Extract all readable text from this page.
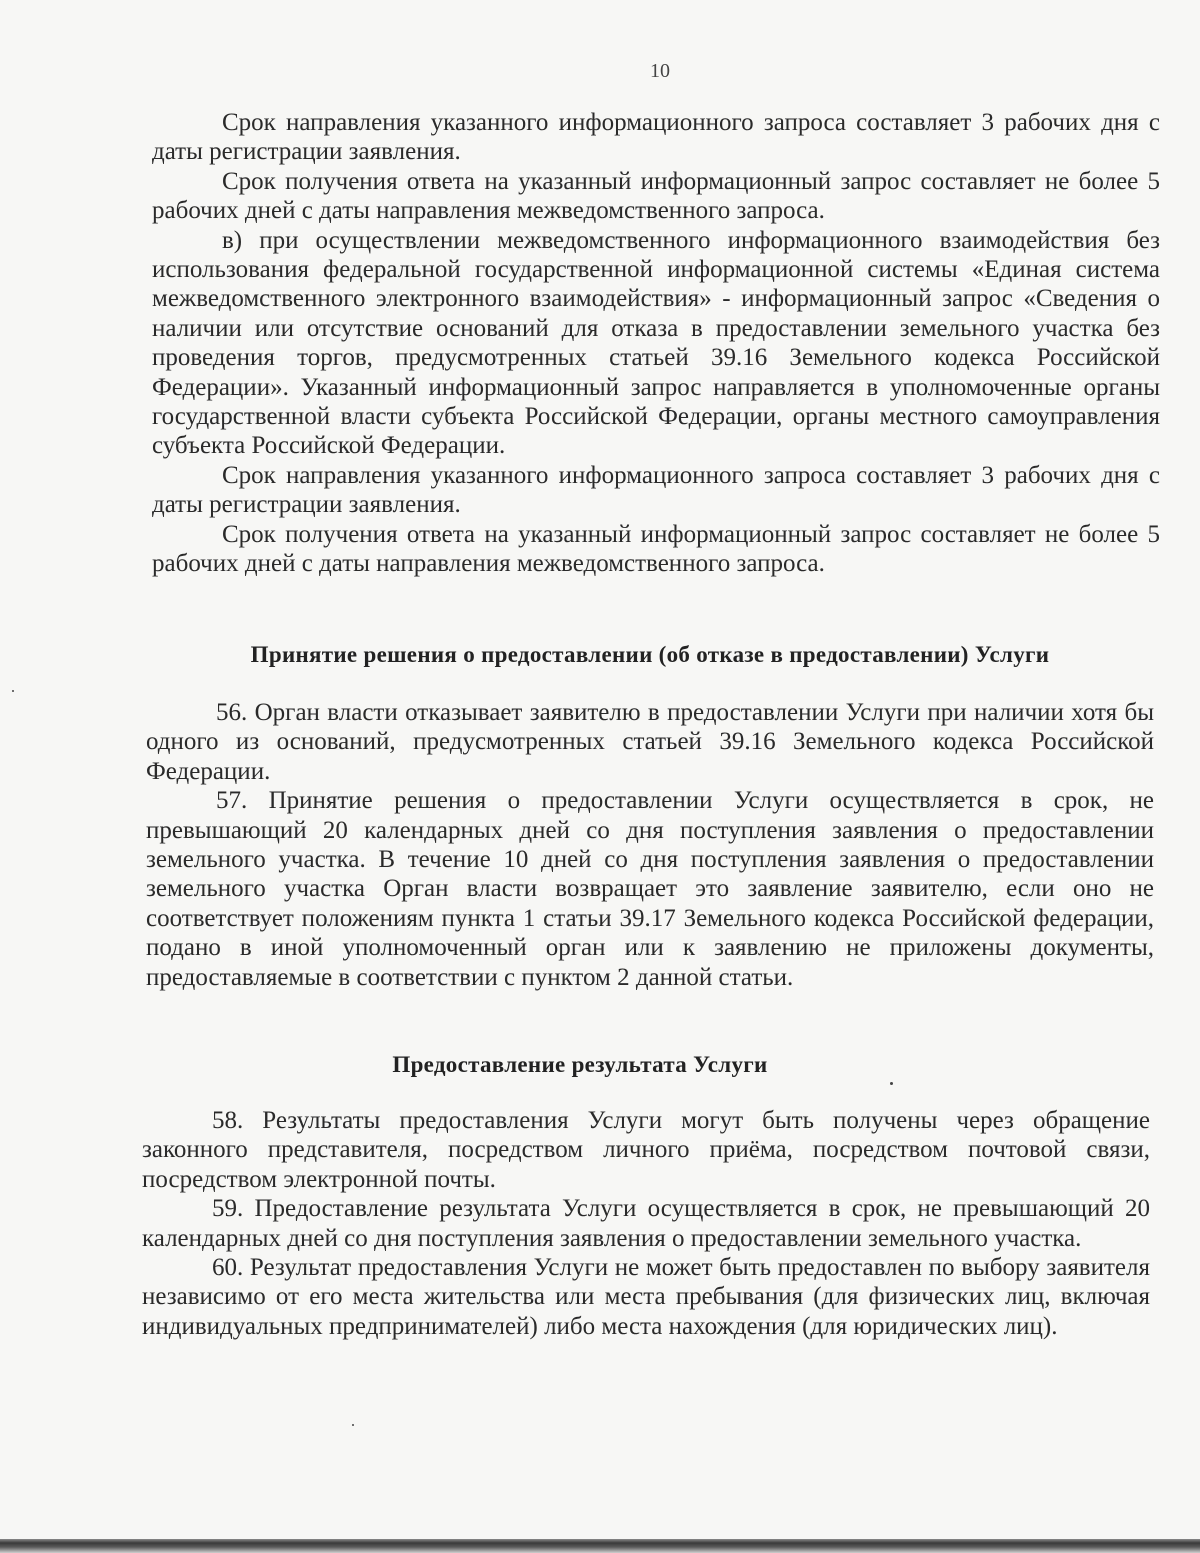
10

Срок направления указанного информационного запроса составляет 3 рабочих дня с даты регистрации заявления.

Срок получения ответа на указанный информационный запрос составляет не более 5 рабочих дней с даты направления межведомственного запроса.

в) при осуществлении межведомственного информационного взаимодействия без использования федеральной государственной информационной системы «Единая система межведомственного электронного взаимодействия» - информационный запрос «Сведения о наличии или отсутствие оснований для отказа в предоставлении земельного участка без проведения торгов, предусмотренных статьей 39.16 Земельного кодекса Российской Федерации». Указанный информационный запрос направляется в уполномоченные органы государственной власти субъекта Российской Федерации, органы местного самоуправления субъекта Российской Федерации.

Срок направления указанного информационного запроса составляет 3 рабочих дня с даты регистрации заявления.

Срок получения ответа на указанный информационный запрос составляет не более 5 рабочих дней с даты направления межведомственного запроса.

Принятие решения о предоставлении (об отказе в предоставлении) Услуги

56. Орган власти отказывает заявителю в предоставлении Услуги при наличии хотя бы одного из оснований, предусмотренных статьей 39.16 Земельного кодекса Российской Федерации.

57. Принятие решения о предоставлении Услуги осуществляется в срок, не превышающий 20 календарных дней со дня поступления заявления о предоставлении земельного участка. В течение 10 дней со дня поступления заявления о предоставлении земельного участка Орган власти возвращает это заявление заявителю, если оно не соответствует положениям пункта 1 статьи 39.17 Земельного кодекса Российской федерации, подано в иной уполномоченный орган или к заявлению не приложены документы, предоставляемые в соответствии с пунктом 2 данной статьи.

Предоставление результата Услуги

58. Результаты предоставления Услуги могут быть получены через обращение законного представителя, посредством личного приёма, посредством почтовой связи, посредством электронной почты.

59. Предоставление результата Услуги осуществляется в срок, не превышающий 20 календарных дней со дня поступления заявления о предоставлении земельного участка.

60. Результат предоставления Услуги не может быть предоставлен по выбору заявителя независимо от его места жительства или места пребывания (для физических лиц, включая индивидуальных предпринимателей) либо места нахождения (для юридических лиц).
